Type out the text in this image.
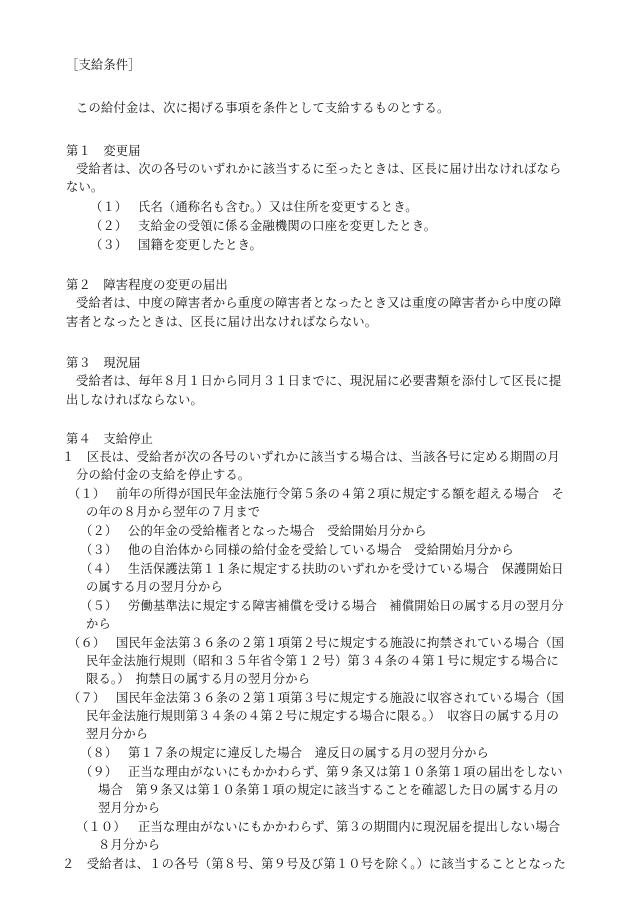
［支給条件］
この給付金は、次に掲げる事項を条件として支給するものとする。
第１　変更届
受給者は、次の各号のいずれかに該当するに至ったときは、区長に届け出なければなら
ない。
（１） 氏名（通称名も含む。）又は住所を変更するとき。
（２） 支給金の受領に係る金融機関の口座を変更したとき。
（３） 国籍を変更したとき。
第２　障害程度の変更の届出
受給者は、中度の障害者から重度の障害者となったとき又は重度の障害者から中度の障
害者となったときは、区長に届け出なければならない。
第３　現況届
受給者は、毎年８月１日から同月３１日までに、現況届に必要書類を添付して区長に提
出しなければならない。
第４　支給停止
１　区長は、受給者が次の各号のいずれかに該当する場合は、当該各号に定める期間の月
分の給付金の支給を停止する。
（１） 前年の所得が国民年金法施行令第５条の４第２項に規定する額を超える場合　そ
の年の８月から翌年の７月まで
（２） 公的年金の受給権者となった場合　受給開始月分から
（３） 他の自治体から同様の給付金を受給している場合　受給開始月分から
（４） 生活保護法第１１条に規定する扶助のいずれかを受けている場合　保護開始日
の属する月の翌月分から
（５） 労働基準法に規定する障害補償を受ける場合　補償開始日の属する月の翌月分
から
（６） 国民年金法第３６条の２第１項第２号に規定する施設に拘禁されている場合（国
民年金法施行規則（昭和３５年省令第１２号）第３４条の４第１号に規定する場合に
限る。）　拘禁日の属する月の翌月分から
（７） 国民年金法第３６条の２第１項第３号に規定する施設に収容されている場合（国
民年金法施行規則第３４条の４第２号に規定する場合に限る。）　収容日の属する月の
翌月分から
（８） 第１７条の規定に違反した場合　違反日の属する月の翌月分から
（９） 正当な理由がないにもかかわらず、第９条又は第１０条第１項の届出をしない
場合　第９条又は第１０条第１項の規定に該当することを確認した日の属する月の
翌月分から
（１０） 正当な理由がないにもかかわらず、第３の期間内に現況届を提出しない場合
８月分から
２　受給者は、１の各号（第８号、第９号及び第１０号を除く。）に該当することとなった
